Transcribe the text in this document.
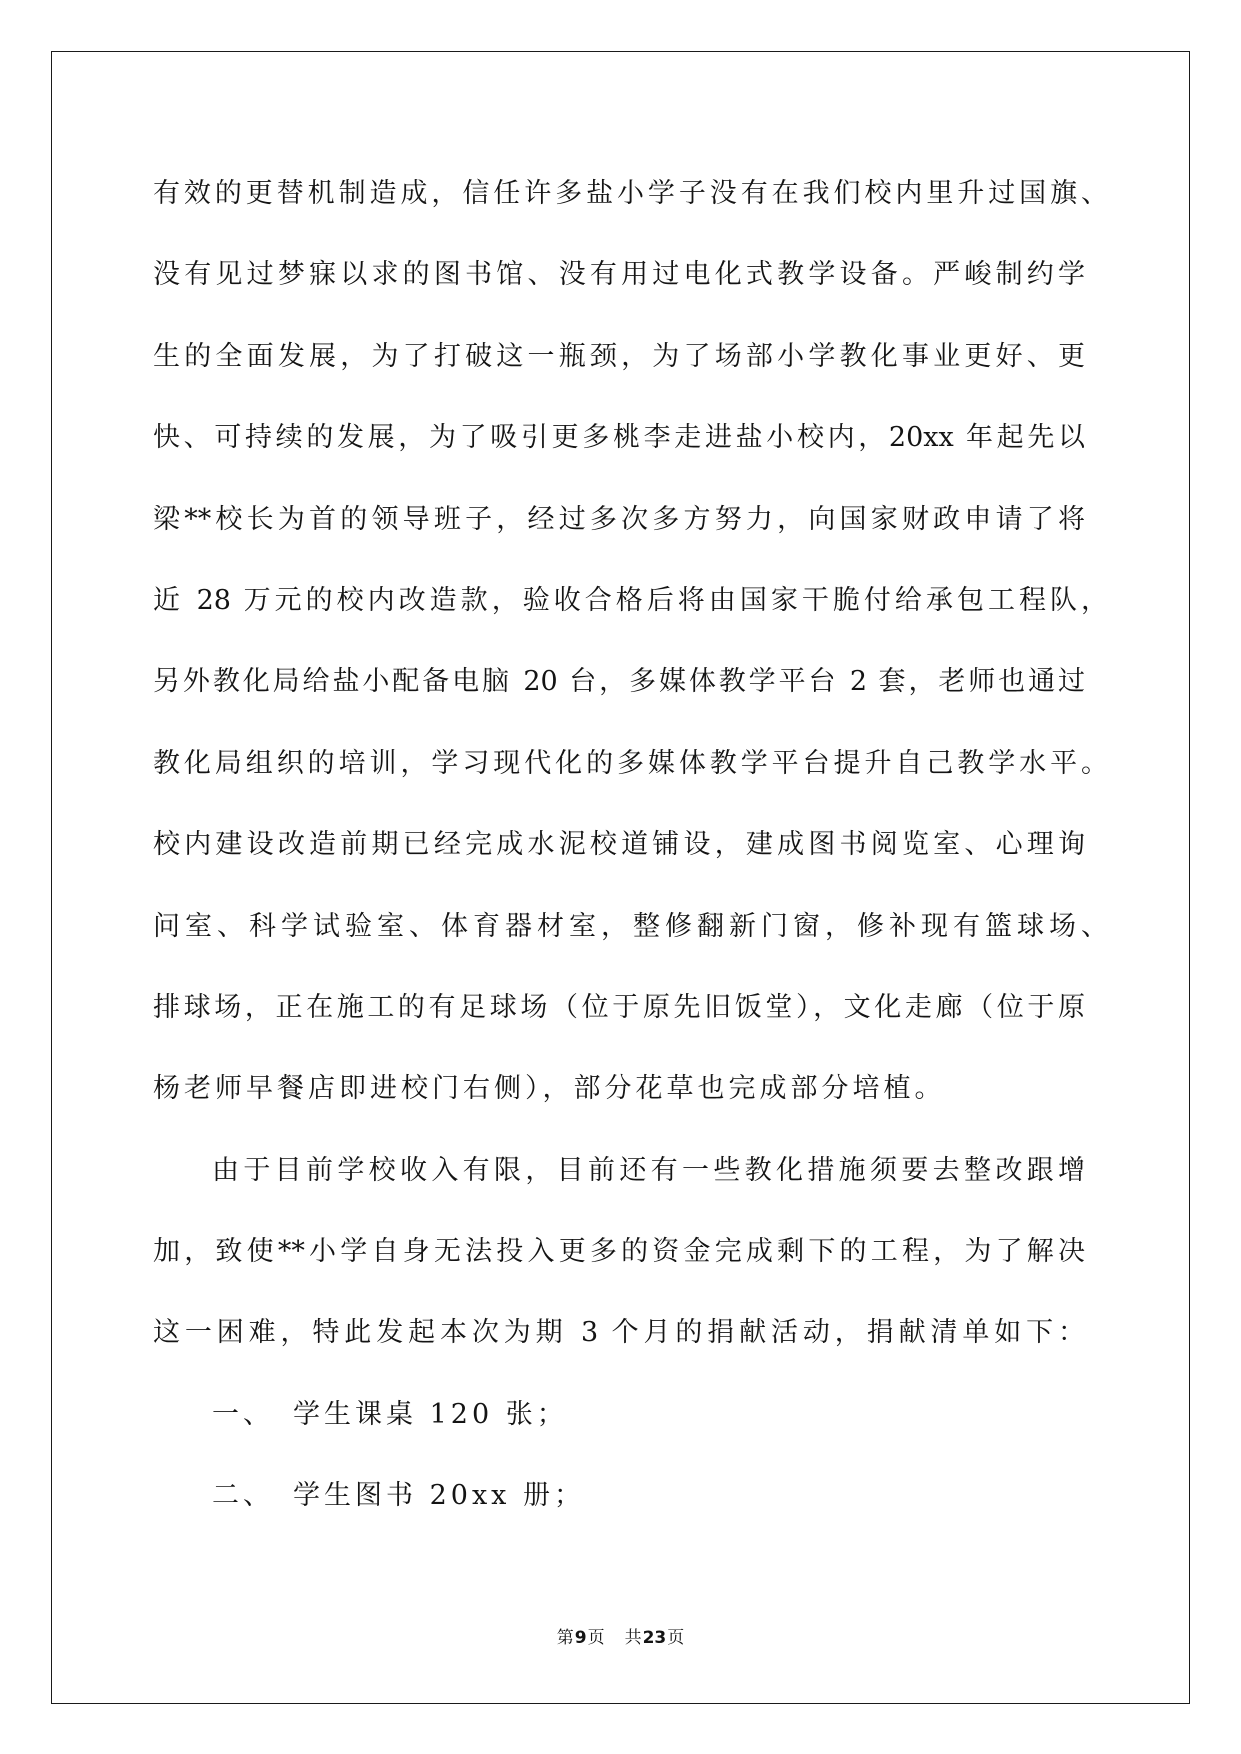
有效的更替机制造成，信任许多盐小学子没有在我们校内里升过国旗、
没有见过梦寐以求的图书馆、没有用过电化式教学设备。严峻制约学
生的全面发展，为了打破这一瓶颈，为了场部小学教化事业更好、更
快、可持续的发展，为了吸引更多桃李走进盐小校内，20xx 年起先以
梁**校长为首的领导班子，经过多次多方努力，向国家财政申请了将
近 28 万元的校内改造款，验收合格后将由国家干脆付给承包工程队，
另外教化局给盐小配备电脑 20 台，多媒体教学平台 2 套，老师也通过
教化局组织的培训，学习现代化的多媒体教学平台提升自己教学水平。
校内建设改造前期已经完成水泥校道铺设，建成图书阅览室、心理询
问室、科学试验室、体育器材室，整修翻新门窗，修补现有篮球场、
排球场，正在施工的有足球场（位于原先旧饭堂），文化走廊（位于原
杨老师早餐店即进校门右侧），部分花草也完成部分培植。
由于目前学校收入有限，目前还有一些教化措施须要去整改跟增
加，致使**小学自身无法投入更多的资金完成剩下的工程，为了解决
这一困难，特此发起本次为期 3 个月的捐献活动，捐献清单如下：
一、 学生课桌 120 张；
二、 学生图书 20xx 册；
第9页 共23页
